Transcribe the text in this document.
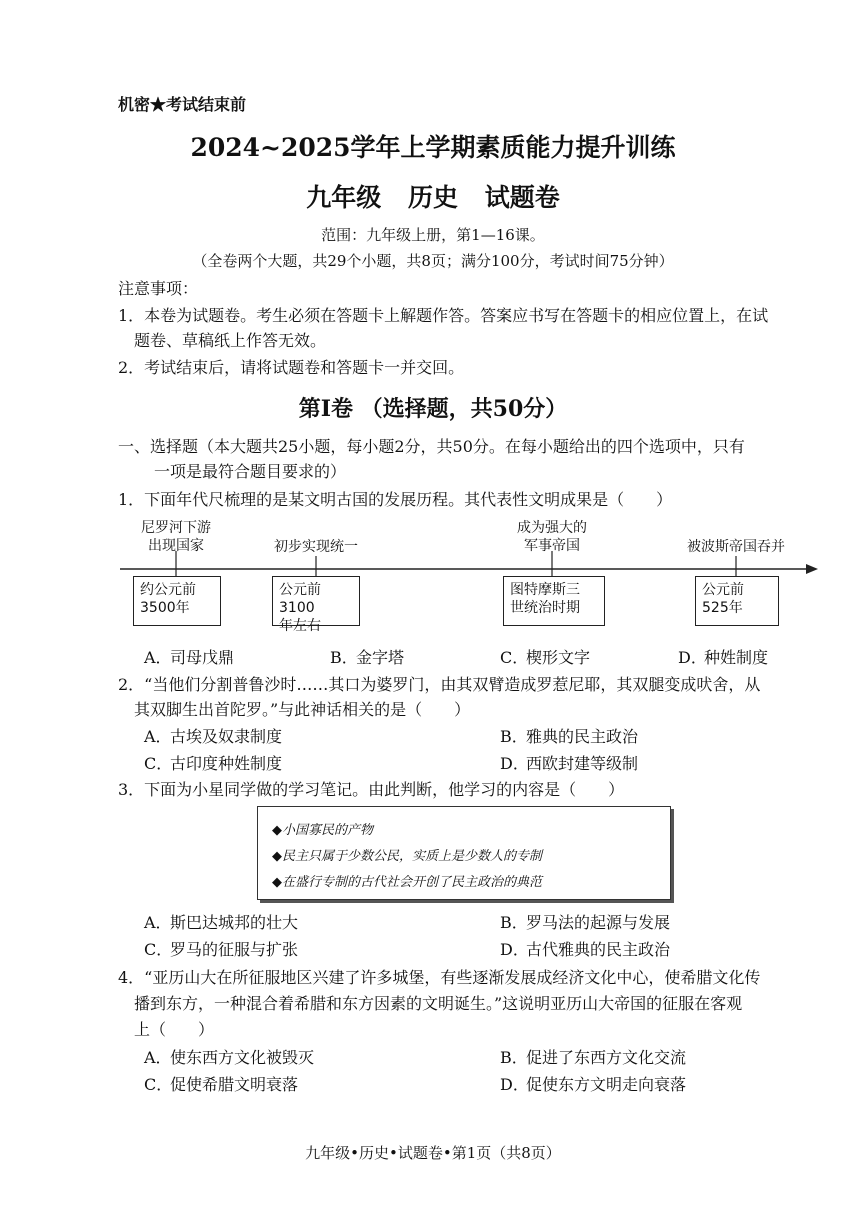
机密★考试结束前
2024~2025学年上学期素质能力提升训练
九年级 历史 试题卷
范围：九年级上册，第1—16课。
（全卷两个大题，共29个小题，共8页；满分100分，考试时间75分钟）
注意事项：
1．本卷为试题卷。考生必须在答题卡上解题作答。答案应书写在答题卡的相应位置上，在试
题卷、草稿纸上作答无效。
2．考试结束后，请将试题卷和答题卡一并交回。
第Ⅰ卷 （选择题，共50分）
一、选择题（本大题共25小题，每小题2分，共50分。在每小题给出的四个选项中，只有
一项是最符合题目要求的）
1．下面年代尺梳理的是某文明古国的发展历程。其代表性文明成果是（　　）
尼罗河下游
出现国家	初步实现统一
成为强大的
军事帝国	被波斯帝国吞并
约公元前
3500年
公元前3100
年左右
图特摩斯三
世统治时期
公元前
525年
A．司母戊鼎	B．金字塔	C．楔形文字	D．种姓制度
2．“当他们分割普鲁沙时……其口为婆罗门，由其双臂造成罗惹尼耶，其双腿变成吠舍，从
其双脚生出首陀罗。”与此神话相关的是（　　）
A．古埃及奴隶制度	B．雅典的民主政治
C．古印度种姓制度	D．西欧封建等级制
3．下面为小星同学做的学习笔记。由此判断，他学习的内容是（　　）
◆小国寡民的产物
◆民主只属于少数公民，实质上是少数人的专制
◆在盛行专制的古代社会开创了民主政治的典范
A．斯巴达城邦的壮大	B．罗马法的起源与发展
C．罗马的征服与扩张	D．古代雅典的民主政治
4．“亚历山大在所征服地区兴建了许多城堡，有些逐渐发展成经济文化中心，使希腊文化传
播到东方，一种混合着希腊和东方因素的文明诞生。”这说明亚历山大帝国的征服在客观
上（　　）
A．使东西方文化被毁灭	B．促进了东西方文化交流
C．促使希腊文明衰落	D．促使东方文明走向衰落
九年级•历史•试题卷•第1页（共8页）
